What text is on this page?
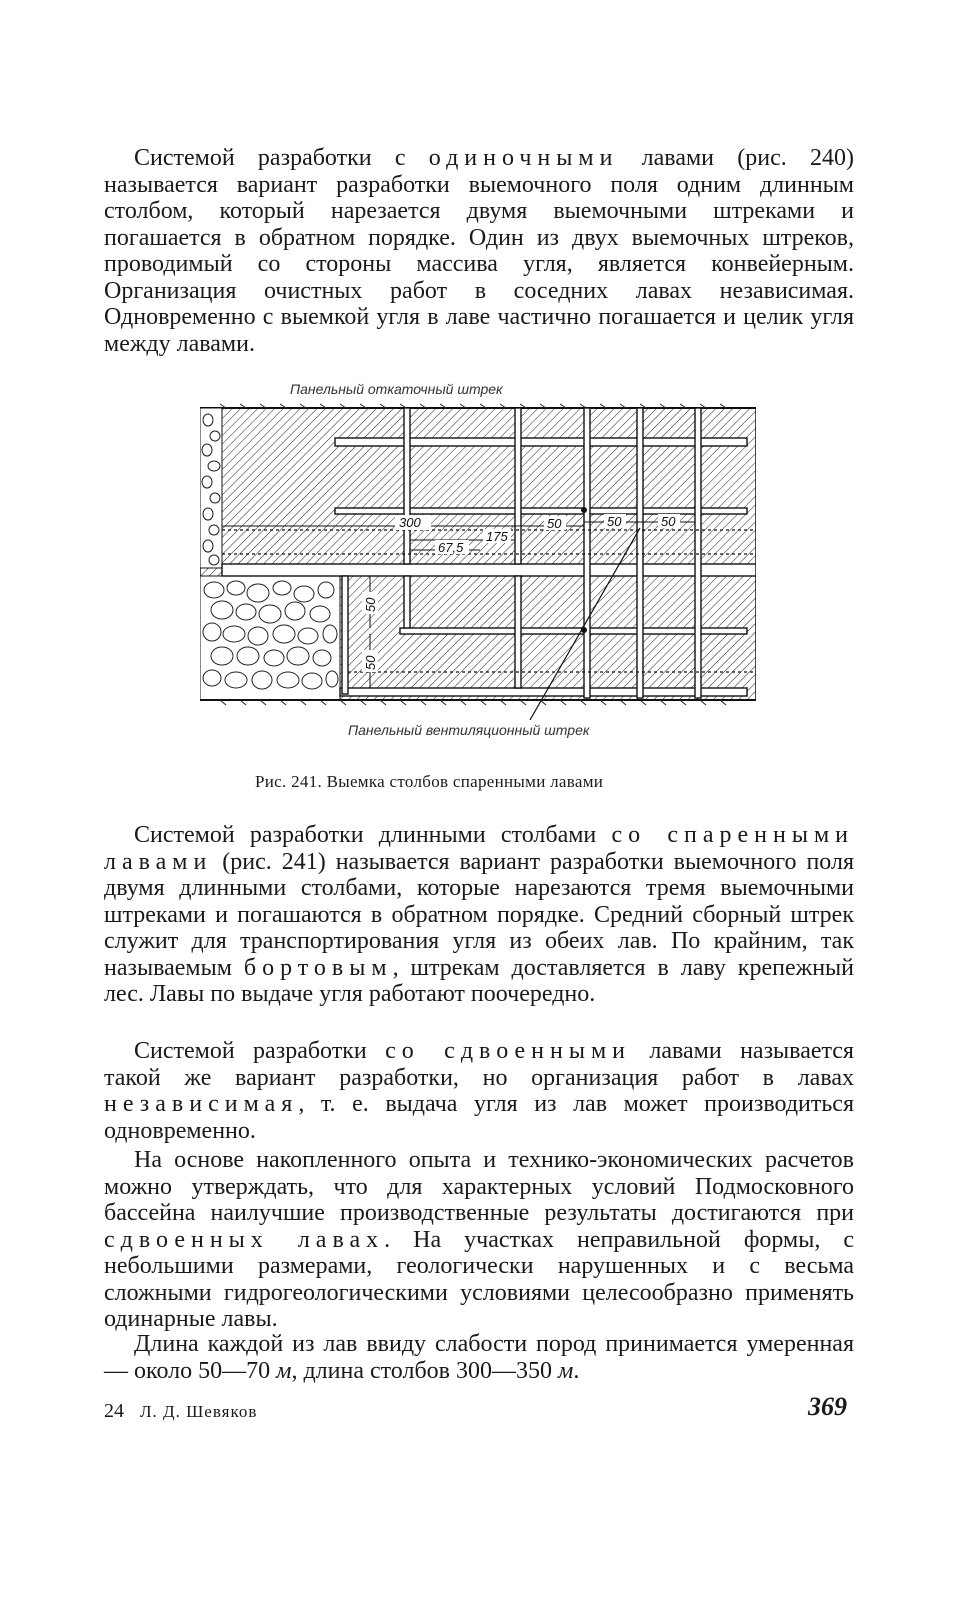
Системой разработки с одиночными лавами (рис. 240) называется вариант разработки выемочного поля одним длинным столбом, который нарезается двумя выемочными штреками и погашается в обратном порядке. Один из двух выемочных штреков, проводимый со стороны массива угля, является конвейерным. Организация очистных работ в соседних лавах независимая. Одновременно с выемкой угля в лаве частично погашается и целик угля между лавами.

Панельный откаточный штрек
300
175
67,5
50	50	50
50
50
Панельный вентиляционный штрек
Рис. 241. Выемка столбов спаренными лавами

Системой разработки длинными столбами со спаренными лавами (рис. 241) называется вариант разработки выемочного поля двумя длинными столбами, которые нарезаются тремя выемочными штреками и погашаются в обратном порядке. Средний сборный штрек служит для транспортирования угля из обеих лав. По крайним, так называемым бортовым, штрекам доставляется в лаву крепежный лес. Лавы по выдаче угля работают поочередно.

Системой разработки со сдвоенными лавами называется такой же вариант разработки, но организация работ в лавах независимая, т. е. выдача угля из лав может производиться одновременно.

На основе накопленного опыта и технико-экономических расчетов можно утверждать, что для характерных условий Подмосковного бассейна наилучшие производственные результаты достигаются при сдвоенных лавах. На участках неправильной формы, с небольшими размерами, геологически нарушенных и с весьма сложными гидрогеологическими условиями целесообразно применять одинарные лавы.

Длина каждой из лав ввиду слабости пород принимается умеренная — около 50—70 м, длина столбов 300—350 м.

24 Л. Д. Шевяков	369
